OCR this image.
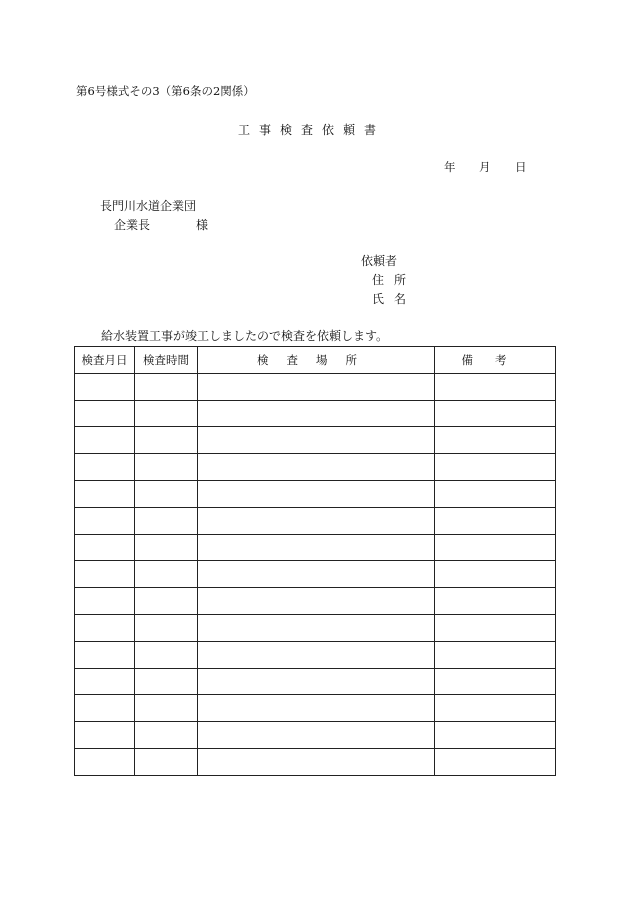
第6号様式その3（第6条の2関係）
工事検査依頼書
年 月 日
長門川水道企業団
企業長	様
依頼者
住所
氏名
給水装置工事が竣工しましたので検査を依頼します。
検査月日	検査時間	検査場所	備考
